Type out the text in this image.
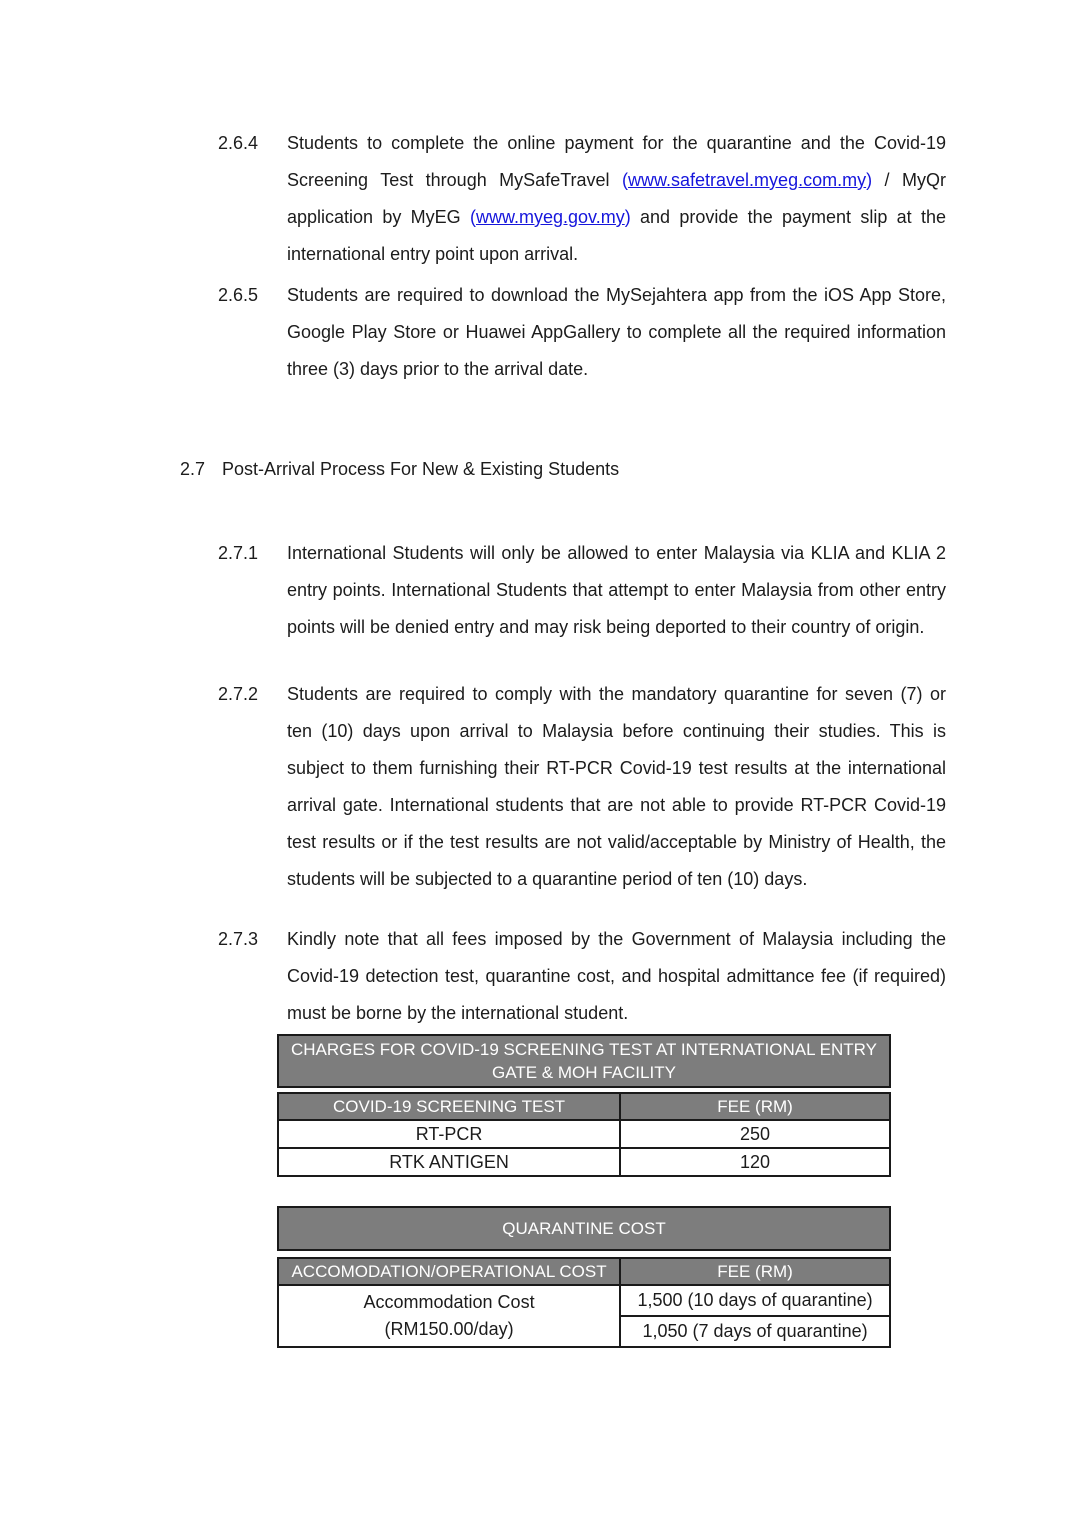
2.6.4	Students to complete the online payment for the quarantine and the Covid-19 Screening Test through MySafeTravel (www.safetravel.myeg.com.my) / MyQr application by MyEG (www.myeg.gov.my) and provide the payment slip at the international entry point upon arrival.
2.6.5	Students are required to download the MySejahtera app from the iOS App Store, Google Play Store or Huawei AppGallery to complete all the required information three (3) days prior to the arrival date.
2.7 Post-Arrival Process For New & Existing Students
2.7.1	International Students will only be allowed to enter Malaysia via KLIA and KLIA 2 entry points. International Students that attempt to enter Malaysia from other entry points will be denied entry and may risk being deported to their country of origin.
2.7.2	Students are required to comply with the mandatory quarantine for seven (7) or ten (10) days upon arrival to Malaysia before continuing their studies. This is subject to them furnishing their RT-PCR Covid-19 test results at the international arrival gate. International students that are not able to provide RT-PCR Covid-19 test results or if the test results are not valid/acceptable by Ministry of Health, the students will be subjected to a quarantine period of ten (10) days.
2.7.3	Kindly note that all fees imposed by the Government of Malaysia including the Covid-19 detection test, quarantine cost, and hospital admittance fee (if required) must be borne by the international student.
CHARGES FOR COVID-19 SCREENING TEST AT INTERNATIONAL ENTRY
GATE & MOH FACILITY
COVID-19 SCREENING TEST	FEE (RM)
RT-PCR	250
RTK ANTIGEN	120
QUARANTINE COST
ACCOMODATION/OPERATIONAL COST	FEE (RM)

Accommodation Cost
(RM150.00/day)	1,500 (10 days of quarantine)
	1,050 (7 days of quarantine)
